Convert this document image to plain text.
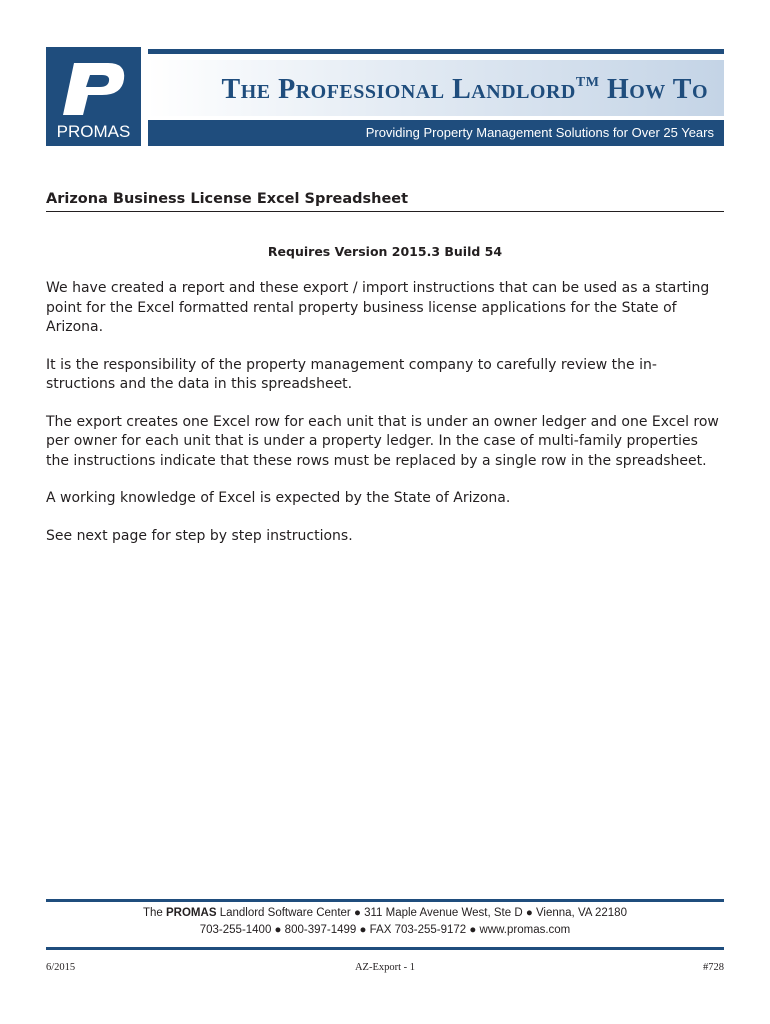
PROMAS
The Professional Landlord™ How To
Providing Property Management Solutions for Over 25 Years
Arizona Business License Excel Spreadsheet
Requires Version 2015.3 Build 54

We have created a report and these export / import instructions that can be used as a starting point for the Excel formatted rental property business license applications for the State of Arizona.

It is the responsibility of the property management company to carefully review the in-structions and the data in this spreadsheet.

The export creates one Excel row for each unit that is under an owner ledger and one Excel row per owner for each unit that is under a property ledger. In the case of multi-family properties the instructions indicate that these rows must be replaced by a single row in the spreadsheet.

A working knowledge of Excel is expected by the State of Arizona.

See next page for step by step instructions.

The PROMAS Landlord Software Center ● 311 Maple Avenue West, Ste D ● Vienna, VA 22180
703-255-1400 ● 800-397-1499 ● FAX 703-255-9172 ● www.promas.com
6/2015	AZ-Export - 1	#728
